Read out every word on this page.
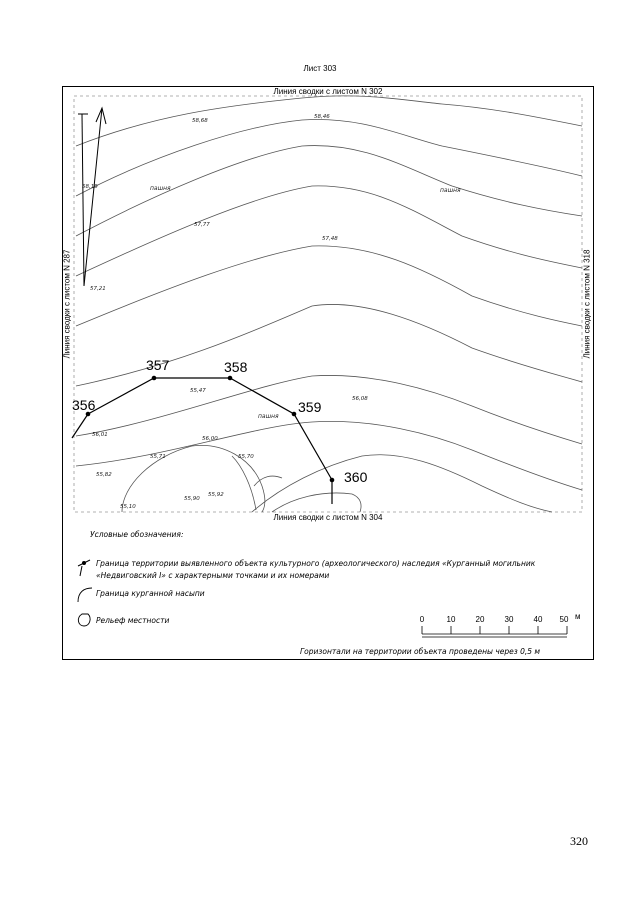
Лист 303
356
357	358
359
360
пашня	пашня
пашня
58,68
58,46
58,19
57,77
57,48
57,21
55,47
56,08
56,01
56,00
55,71	55,70
55,82
55,90
55,92
55,10
0	10	20	30	40 50
Линия сводки с листом N 302
Линия сводки с листом N 304
Линия сводки с листом N 287	Линия сводки с листом N 318
Условные обозначения:
Граница территории выявленного объекта культурного (археологического) наследия «Курганный могильник «Недвиговский I» с характерными точками и их номерами
Граница курганной насыпи
Рельеф местности	м
Горизонтали на территории объекта проведены через 0,5 м
320
